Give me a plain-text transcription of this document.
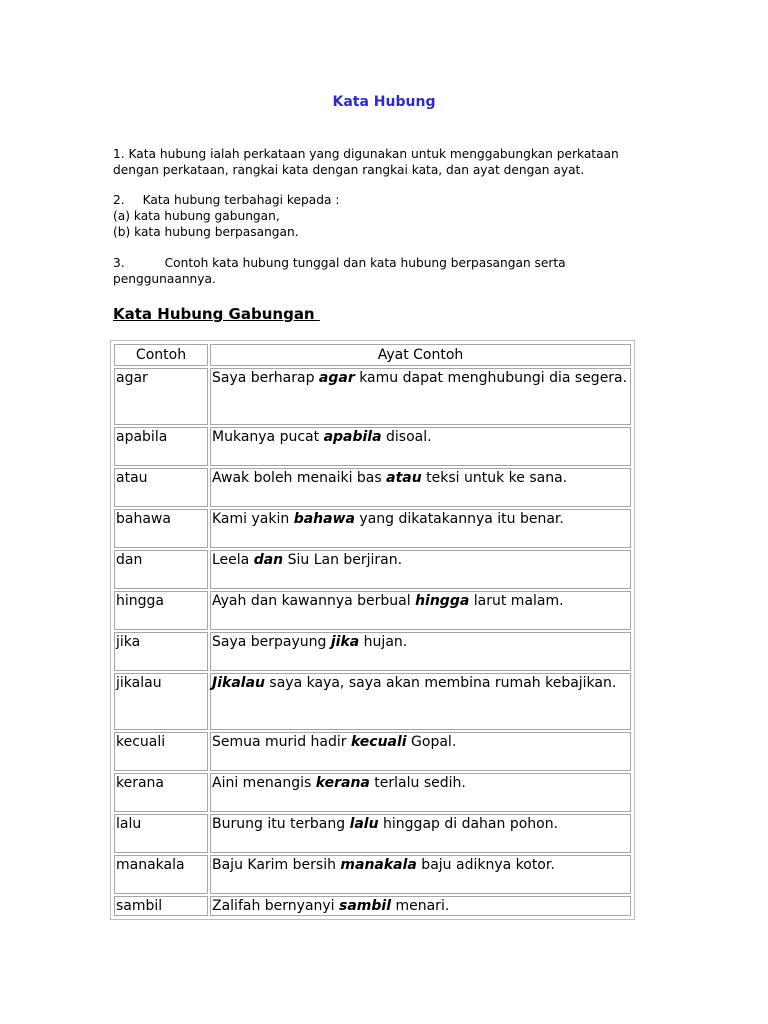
Kata Hubung

1. Kata hubung ialah perkataan yang digunakan untuk menggabungkan perkataan dengan perkataan, rangkai kata dengan rangkai kata, dan ayat dengan ayat.

2. Kata hubung terbahagi kepada :
(a) kata hubung gabungan,
(b) kata hubung berpasangan.
3.	Contoh kata hubung tunggal dan kata hubung berpasangan serta penggunaannya.
Kata Hubung Gabungan
Contoh	Ayat Contoh
agar	Saya berharap agar kamu dapat menghubungi dia segera.
apabila	Mukanya pucat apabila disoal.
atau	Awak boleh menaiki bas atau teksi untuk ke sana.
bahawa	Kami yakin bahawa yang dikatakannya itu benar.
dan	Leela dan Siu Lan berjiran.
hingga	Ayah dan kawannya berbual hingga larut malam.
jika	Saya berpayung jika hujan.
jikalau	Jikalau saya kaya, saya akan membina rumah kebajikan.
kecuali	Semua murid hadir kecuali Gopal.
kerana	Aini menangis kerana terlalu sedih.
lalu	Burung itu terbang lalu hinggap di dahan pohon.
manakala	Baju Karim bersih manakala baju adiknya kotor.
sambil	Zalifah bernyanyi sambil menari.
